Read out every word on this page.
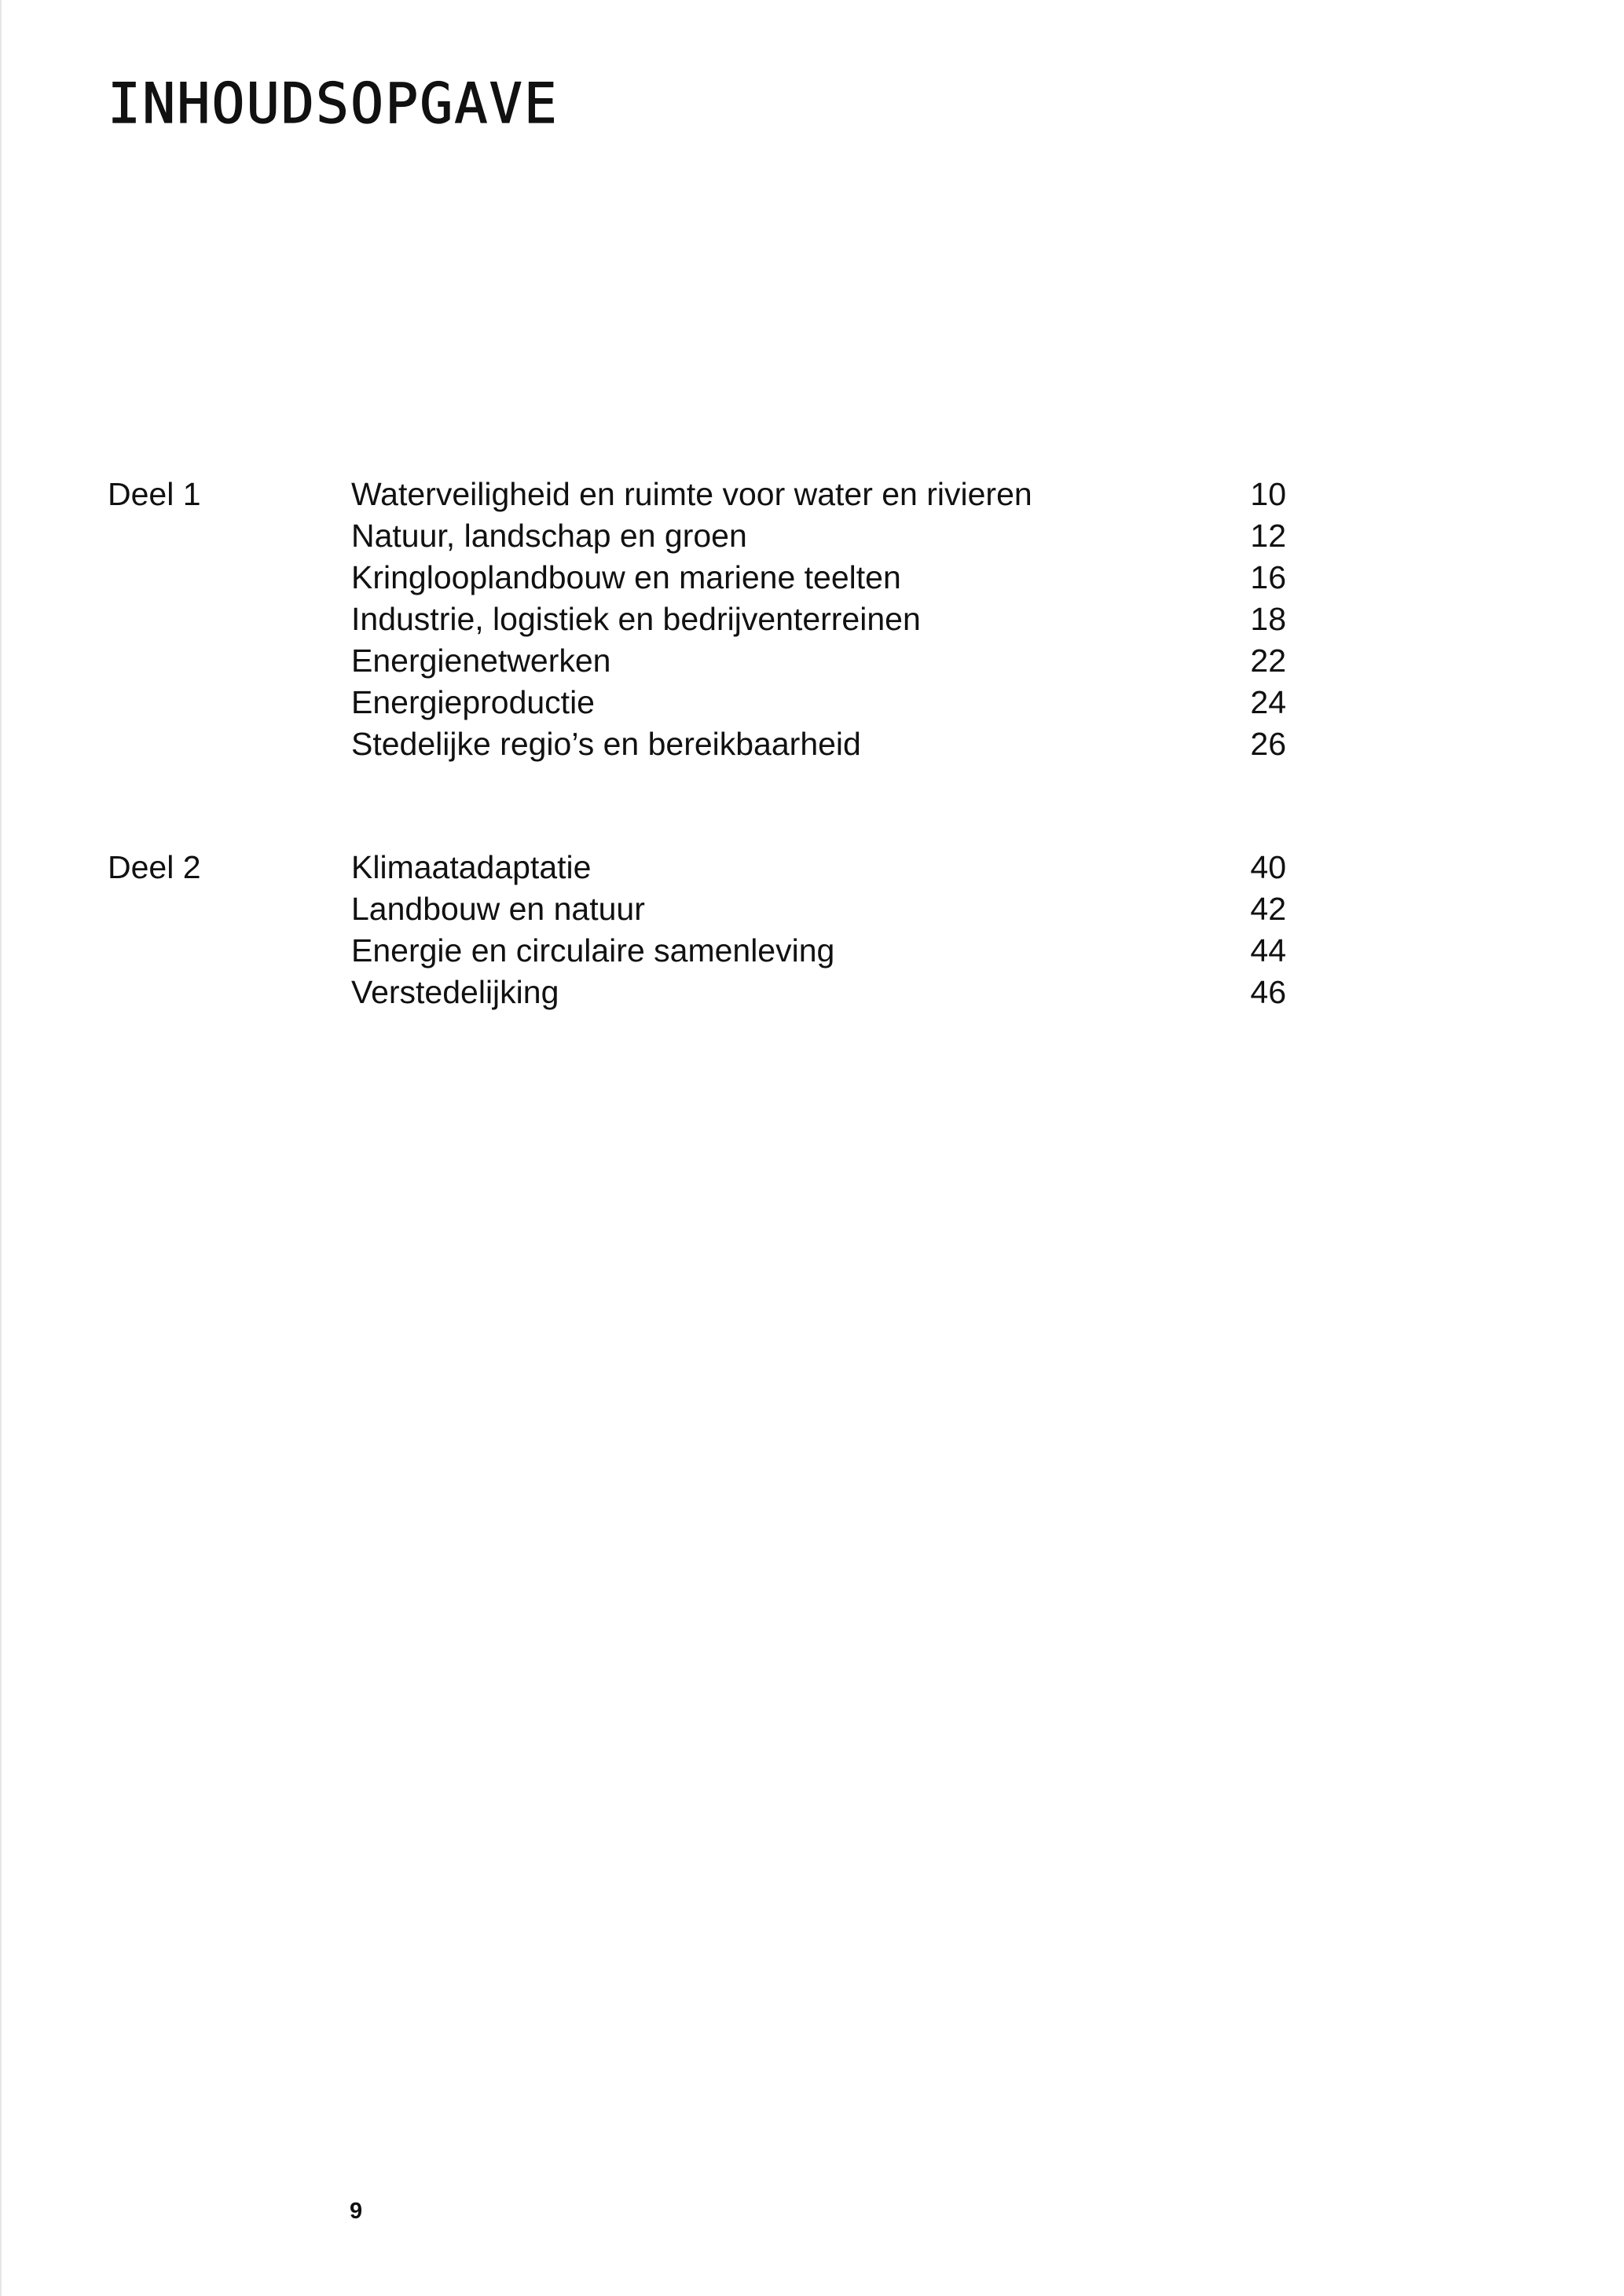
INHOUDSOPGAVE
Deel 1	Waterveiligheid en ruimte voor water en rivieren	10
Natuur, landschap en groen	12
Kringlooplandbouw en mariene teelten	16
Industrie, logistiek en bedrijventerreinen	18
Energienetwerken	22
Energieproductie	24
Stedelijke regio’s en bereikbaarheid	26
Deel 2	Klimaatadaptatie	40
Landbouw en natuur	42
Energie en circulaire samenleving	44
Verstedelijking	46
9
